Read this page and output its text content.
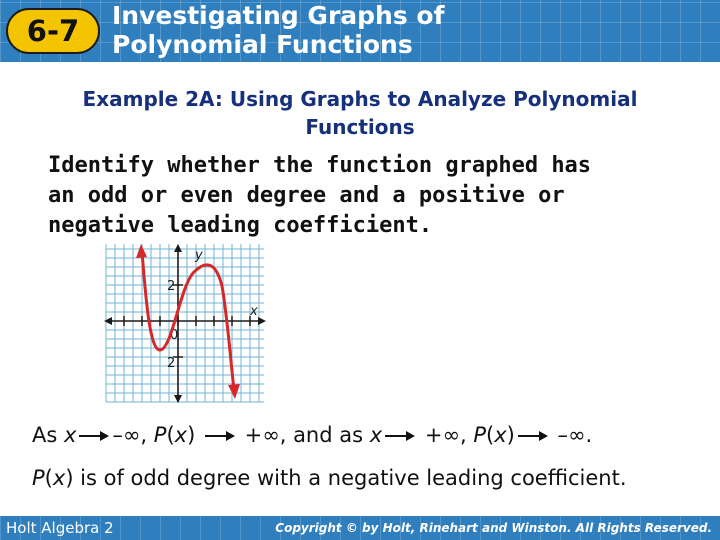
6-7	Investigating Graphs of
Polynomial Functions
Example 2A: Using Graphs to Analyze Polynomial
Functions
Identify whether the function graphed has
an odd or even degree and a positive or
negative leading coefficient.
y
x
2
0
2
As x –∞, P(x)  +∞, and as x +∞, P(x) –∞.
P(x) is of odd degree with a negative leading coefficient.
Holt Algebra 2	Copyright © by Holt, Rinehart and Winston. All Rights Reserved.
